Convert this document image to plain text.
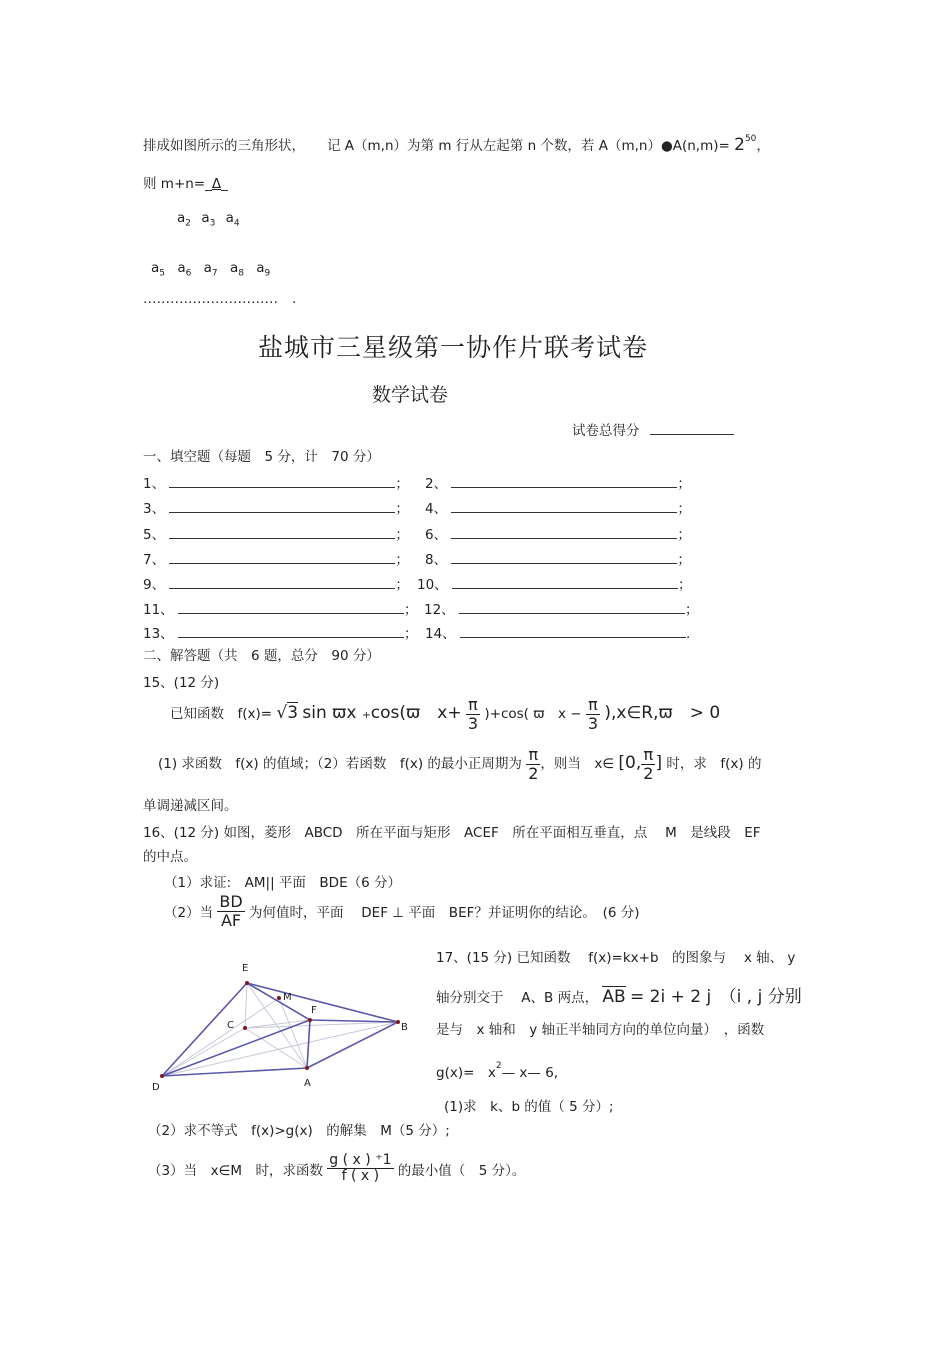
排成如图所示的三角形状， 记 A（m,n）为第 m 行从左起第 n 个数，若 A（m,n）●A(n,m)= $2^{50}$，
则 m+n=_Δ_
$a_2$ $a_3$ $a_4$
$a_5$ $a_6$ $a_7$ $a_8$ $a_9$
………………………… .
盐城市三星级第一协作片联考试卷
数学试卷
试卷总得分
一、填空题（每题　5 分，计　70 分）
1、	； 2、	；
3、	； 4、	；
5、	； 6、	；
7、	； 8、	；
9、	； 10、	；
11、	； 12、	；
13、	； 14、	.
二、解答题（共　6 题，总分　90 分）
15、(12 分)
已知函数　f(x)= √3 sin ϖx ₊cos(ϖ　$x+ \frac{\pi}{3} )+\cos$( ϖ　$x - \frac{\pi}{3}$ ),x∈R,ϖ　> 0
(1) 求函数　f(x) 的值域；（2）若函数　f(x) 的最小正周期为 $\frac{\pi}{2}$ ，则当　x∈ [0, $\frac{\pi}{2}$ ] 时，求　f(x) 的
单调递减区间。
16、(12 分) 如图，菱形　ABCD　所在平面与矩形　ACEF　所在平面相互垂直，点　 M　是线段　EF
的中点。
（1）求证:　AM|| 平面　BDE（6 分）
（2）当 $\frac{BD}{AF}$ 为何值时，平面　 DEF ⊥ 平面　BEF？并证明你的结论。　(6 分)
E
M
F
C	B
D	A
17、(15 分) 已知函数　 f(x)=kx+b　的图象与　 x 轴、 y
轴分别交于　 A、B 两点， AB = 2i + 2 j　（i , j 分别
是与　x 轴和　y 轴正半轴同方向的单位向量）　，函数
g(x)=　$x^2—$ x— 6,
(1)求　k、b 的值（ 5 分）;
（2）求不等式　f(x)>g(x)　的解集　M（5 分）;
（3）当　x∈M　时，求函数 $\frac{g ( x ) ^+1}{f ( x )}$ 的最小值（　5 分）。
